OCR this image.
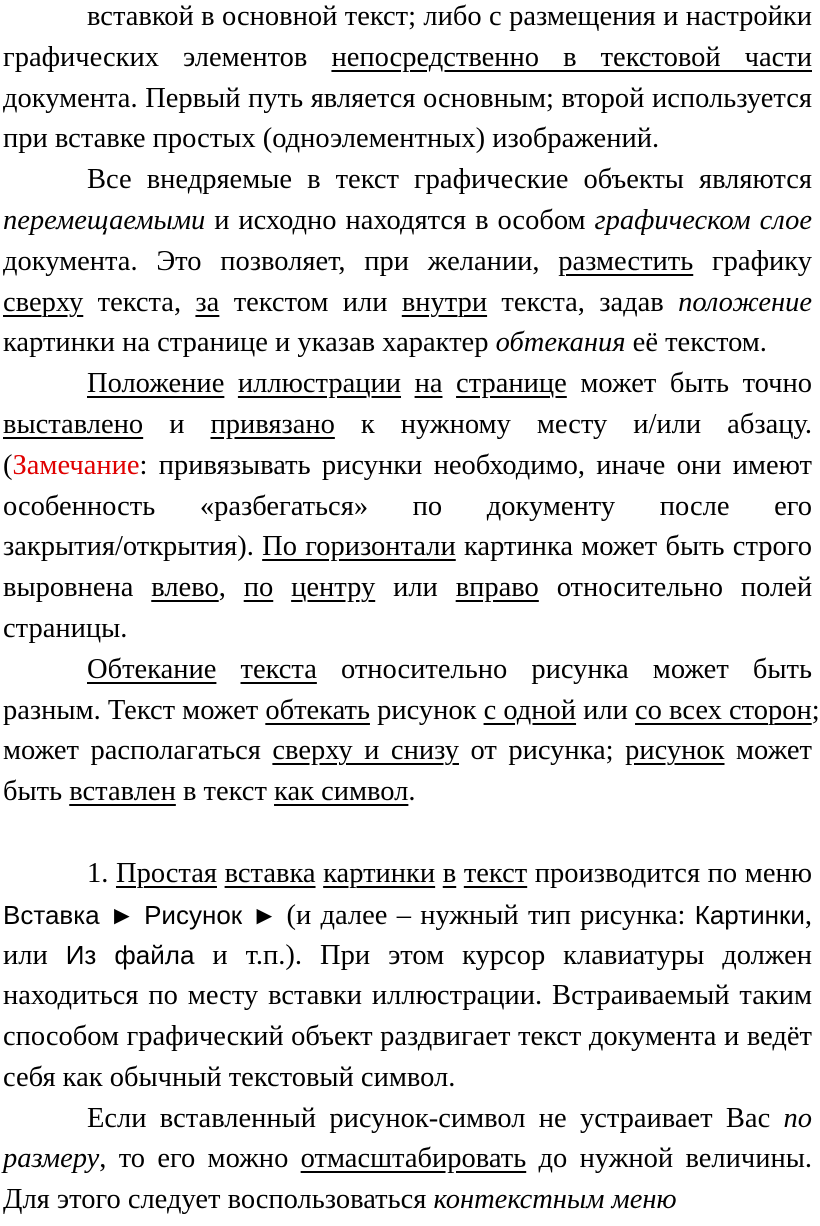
вставкой в основной текст; либо с размещения и настройки
графических элементов непосредственно в текстовой части
документа. Первый путь является основным; второй используется
при вставке простых (одноэлементных) изображений.
Все внедряемые в текст графические объекты являются
перемещаемыми и исходно находятся в особом графическом слое
документа. Это позволяет, при желании, разместить графику
сверху текста, за текстом или внутри текста, задав положение
картинки на странице и указав характер обтекания её текстом.
Положение иллюстрации на странице может быть точно
выставлено и привязано к нужному месту и/или абзацу.
(Замечание: привязывать рисунки необходимо, иначе они имеют
особенность «разбегаться» по документу после его
закрытия/открытия). По горизонтали картинка может быть строго
выровнена влево, по центру или вправо относительно полей
страницы.
Обтекание текста относительно рисунка может быть
разным. Текст может обтекать рисунок с одной или со всех сторон;
может располагаться сверху и снизу от рисунка; рисунок может
быть вставлен в текст как символ.
1. Простая вставка картинки в текст производится по меню
Вставка ► Рисунок ► (и далее – нужный тип рисунка: Картинки,
или Из файла и т.п.). При этом курсор клавиатуры должен
находиться по месту вставки иллюстрации. Встраиваемый таким
способом графический объект раздвигает текст документа и ведёт
себя как обычный текстовый символ.
Если вставленный рисунок-символ не устраивает Вас по
размеру, то его можно отмасштабировать до нужной величины.
Для этого следует воспользоваться контекстным меню
